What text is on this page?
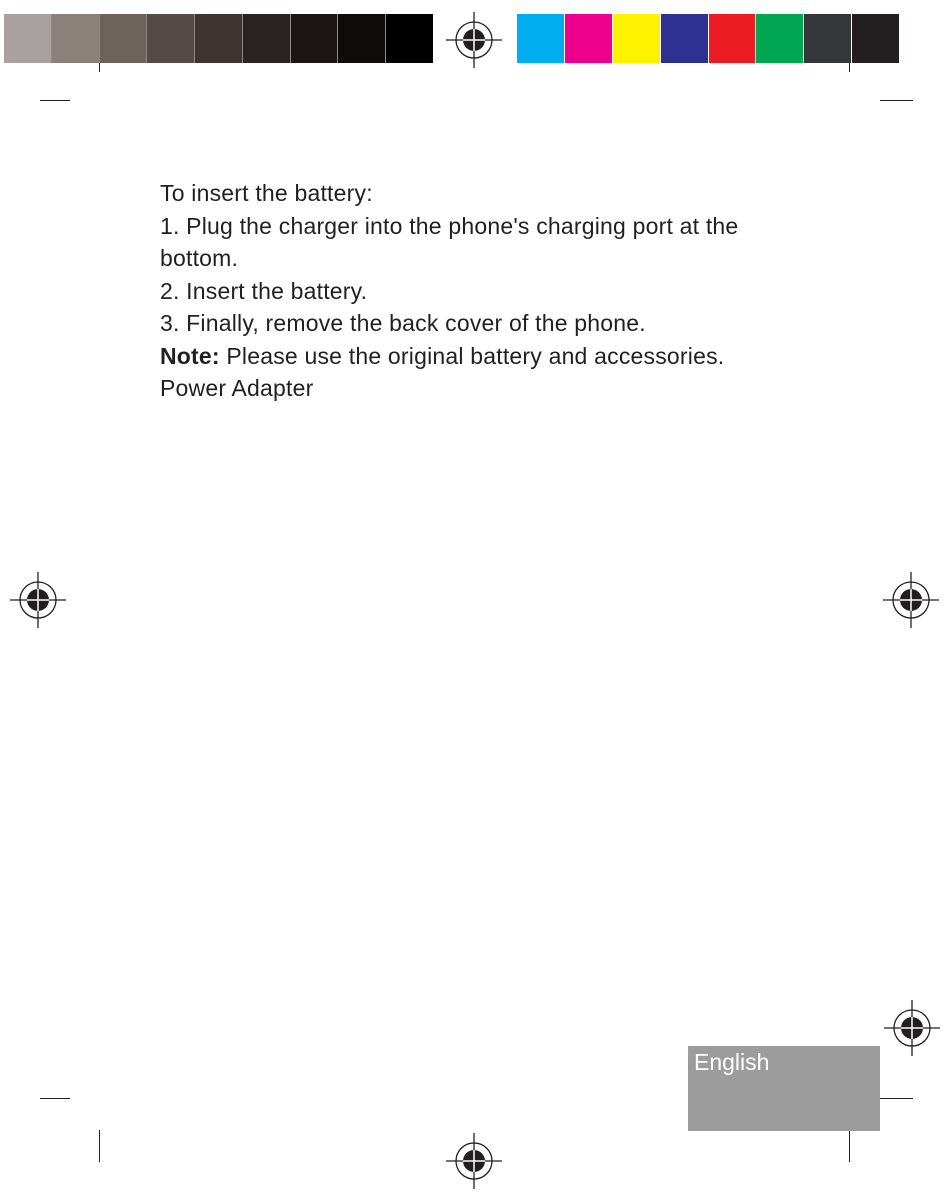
To insert the battery:

1. Plug the charger into the phone's charging port at the bottom.

2. Insert the battery.

3. Finally, remove the back cover of the phone.

Note: Please use the original battery and accessories.

Power Adapter

English
